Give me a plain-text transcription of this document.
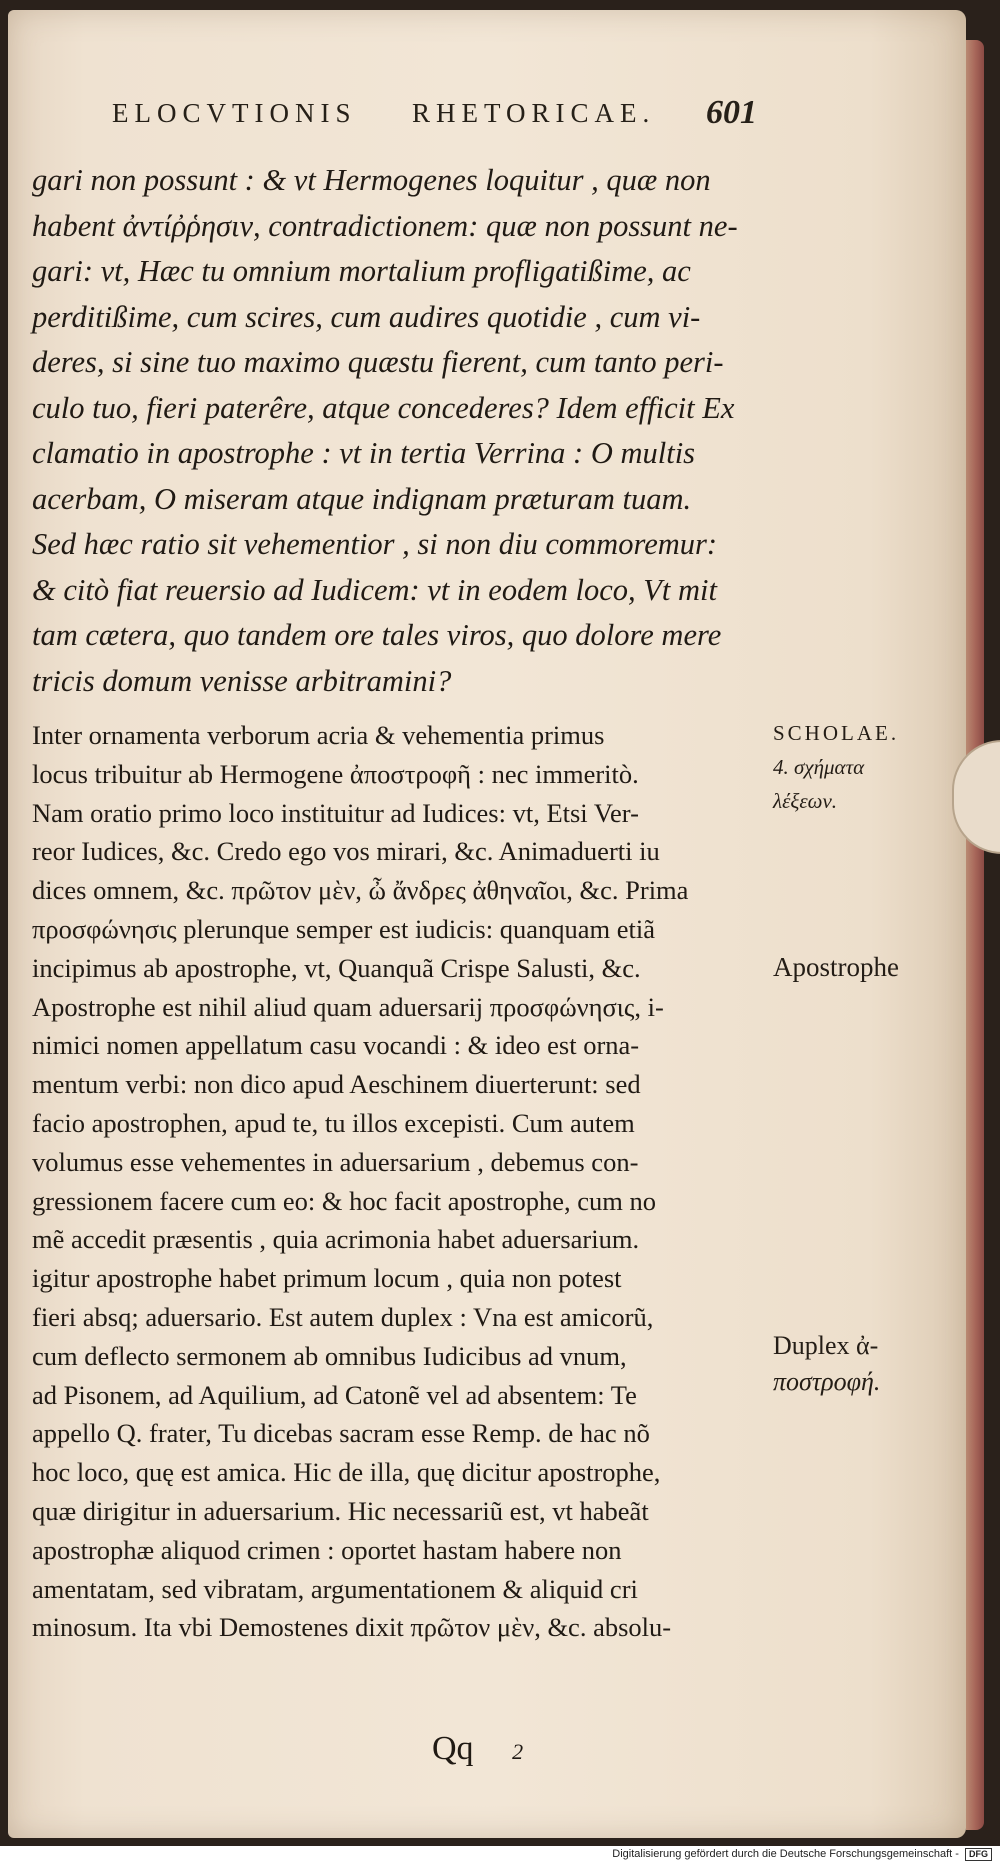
ELOCVTIONIS RHETORICAE. 601

gari non possunt : & vt Hermogenes loquitur , quæ non

habent ἀντίῤῥησιν, contradictionem: quæ non possunt ne-

gari: vt, Hæc tu omnium mortalium profligatißime, ac

perditißime, cum scires, cum audires quotidie , cum vi-

deres, si sine tuo maximo quæstu fierent, cum tanto peri-

culo tuo, fieri paterêre, atque concederes? Idem efficit Ex

clamatio in apostrophe : vt in tertia Verrina : O multis

acerbam, O miseram atque indignam præturam tuam.

Sed hæc ratio sit vehementior , si non diu commoremur:

& citò fiat reuersio ad Iudicem: vt in eodem loco, Vt mit

tam cætera, quo tandem ore tales viros, quo dolore mere

tricis domum venisse arbitramini?

Inter ornamenta verborum acria & vehementia primus

locus tribuitur ab Hermogene ἀποστροφῆ : nec immeritò.

Nam oratio primo loco instituitur ad Iudices: vt, Etsi Ver-

reor Iudices, &c. Credo ego vos mirari, &c. Animaduerti iu

dices omnem, &c. πρῶτον μὲν, ὦ ἄνδρες ἀθηναῖοι, &c. Prima

προσφώνησις plerunque semper est iudicis: quanquam etiã

incipimus ab apostrophe, vt, Quanquã Crispe Salusti, &c.

Apostrophe est nihil aliud quam aduersarij προσφώνησις, i-

nimici nomen appellatum casu vocandi : & ideo est orna-

mentum verbi: non dico apud Aeschinem diuerterunt: sed

facio apostrophen, apud te, tu illos excepisti. Cum autem

volumus esse vehementes in aduersarium , debemus con-

gressionem facere cum eo: & hoc facit apostrophe, cum no

mẽ accedit præsentis , quia acrimonia habet aduersarium.

igitur apostrophe habet primum locum , quia non potest

fieri absq; aduersario. Est autem duplex : Vna est amicorũ,

cum deflecto sermonem ab omnibus Iudicibus ad vnum,

ad Pisonem, ad Aquilium, ad Catonẽ vel ad absentem: Te

appello Q. frater, Tu dicebas sacram esse Remp. de hac nõ

hoc loco, quę est amica. Hic de illa, quę dicitur apostrophe,

quæ dirigitur in aduersarium. Hic necessariũ est, vt habeãt

apostrophæ aliquod crimen : oportet hastam habere non

amentatam, sed vibratam, argumentationem & aliquid cri

minosum. Ita vbi Demostenes dixit πρῶτον μὲν, &c. absolu-

SCHOLAE.
4. σχήματα
λέξεων.
Apostrophe
Duplex ἀ-
ποστροφή.
Qq 2
Digitalisierung gefördert durch die Deutsche Forschungsgemeinschaft - DFG
